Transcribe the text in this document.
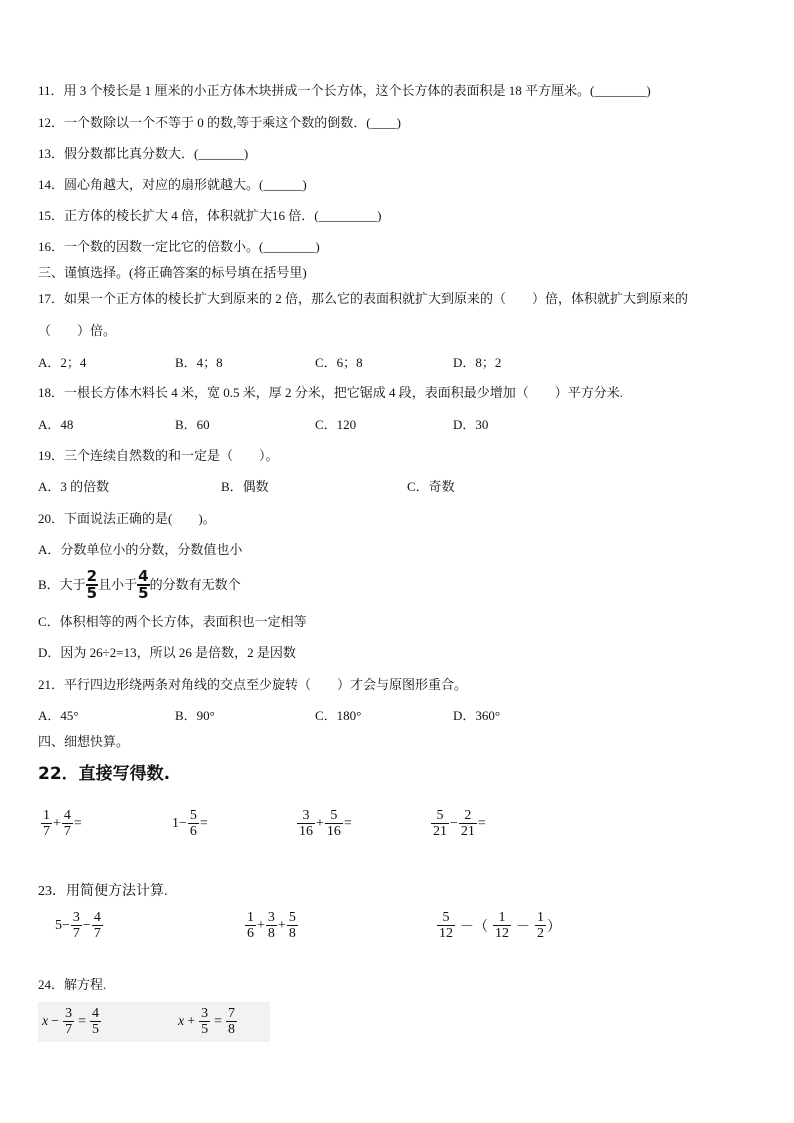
11．用 3 个棱长是 1 厘米的小正方体木块拼成一个长方体，这个长方体的表面积是 18 平方厘米。(________)
12．一个数除以一个不等于 0 的数,等于乘这个数的倒数．(____)
13．假分数都比真分数大．(_______)
14．圆心角越大，对应的扇形就越大。(______)
15．正方体的棱长扩大 4 倍，体积就扩大16 倍．(_________)
16．一个数的因数一定比它的倍数小。(________)
三、谨慎选择。(将正确答案的标号填在括号里)
17．如果一个正方体的棱长扩大到原来的 2 倍，那么它的表面积就扩大到原来的（　　）倍，体积就扩大到原来的
（　　）倍。
A．2；4	B．4；8	C．6；8	D．8；2
18．一根长方体木料长 4 米，宽 0.5 米，厚 2 分米，把它锯成 4 段，表面积最少增加（　　）平方分米.
A．48	B．60	C．120	D．30
19．三个连续自然数的和一定是（　　）。
A．3 的倍数	B．偶数	C．奇数
20．下面说法正确的是(　　)。
A．分数单位小的分数，分数值也小
B．大于 2
5 且小于 4
5 的分数有无数个
C．体积相等的两个长方体，表面积也一定相等
D．因为 26÷2=13，所以 26 是倍数，2 是因数
21．平行四边形绕两条对角线的交点至少旋转（　　）才会与原图形重合。
A．45°	B．90°	C．180°	D．360°
四、细想快算。
22．直接写得数.
$\frac{1}{7} + \frac{4}{7}$ =	$1- \frac{5}{6}$ =	$\frac{3}{16} + \frac{5}{16}$ =	$\frac{5}{21} - \frac{2}{21}$ =
23．用简便方法计算.
$5- \frac{3}{7} - \frac{4}{7}$	$\frac{1}{6} + \frac{3}{8} + \frac{5}{8}$	$\frac{5}{12}$ －（ $\frac{1}{12} - \frac{1}{2}$ ）
24．解方程.
$x - \frac{3}{7} = \frac{4}{5}$	$x + \frac{3}{5} = \frac{7}{8}$
